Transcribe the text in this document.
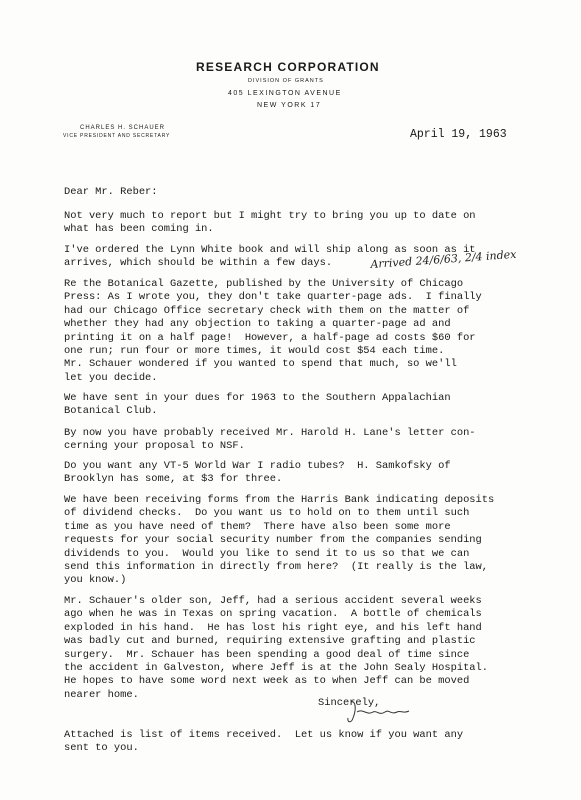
RESEARCH CORPORATION
DIVISION OF GRANTS
405 LEXINGTON AVENUE
NEW YORK 17
CHARLES H. SCHAUER
VICE PRESIDENT AND SECRETARY	April 19, 1963
Dear Mr. Reber:
Not very much to report but I might try to bring you up to date on
what has been coming in.
I've ordered the Lynn White book and will ship along as soon as it
arrives, which should be within a few days.
Re the Botanical Gazette, published by the University of Chicago
Press: As I wrote you, they don't take quarter-page ads.  I finally
had our Chicago Office secretary check with them on the matter of
whether they had any objection to taking a quarter-page ad and
printing it on a half page!  However, a half-page ad costs $60 for
one run; run four or more times, it would cost $54 each time.
Mr. Schauer wondered if you wanted to spend that much, so we'll
let you decide.
We have sent in your dues for 1963 to the Southern Appalachian
Botanical Club.
By now you have probably received Mr. Harold H. Lane's letter con-
cerning your proposal to NSF.
Do you want any VT-5 World War I radio tubes?  H. Samkofsky of
Brooklyn has some, at $3 for three.
We have been receiving forms from the Harris Bank indicating deposits
of dividend checks.  Do you want us to hold on to them until such
time as you have need of them?  There have also been some more
requests for your social security number from the companies sending
dividends to you.  Would you like to send it to us so that we can
send this information in directly from here?  (It really is the law,
you know.)
Mr. Schauer's older son, Jeff, had a serious accident several weeks
ago when he was in Texas on spring vacation.  A bottle of chemicals
exploded in his hand.  He has lost his right eye, and his left hand
was badly cut and burned, requiring extensive grafting and plastic
surgery.  Mr. Schauer has been spending a good deal of time since
the accident in Galveston, where Jeff is at the John Sealy Hospital.
He hopes to have some word next week as to when Jeff can be moved
nearer home.
Sincerely,
Attached is list of items received.  Let us know if you want any
sent to you.
Arrived 24/6/63, 2/4 index
